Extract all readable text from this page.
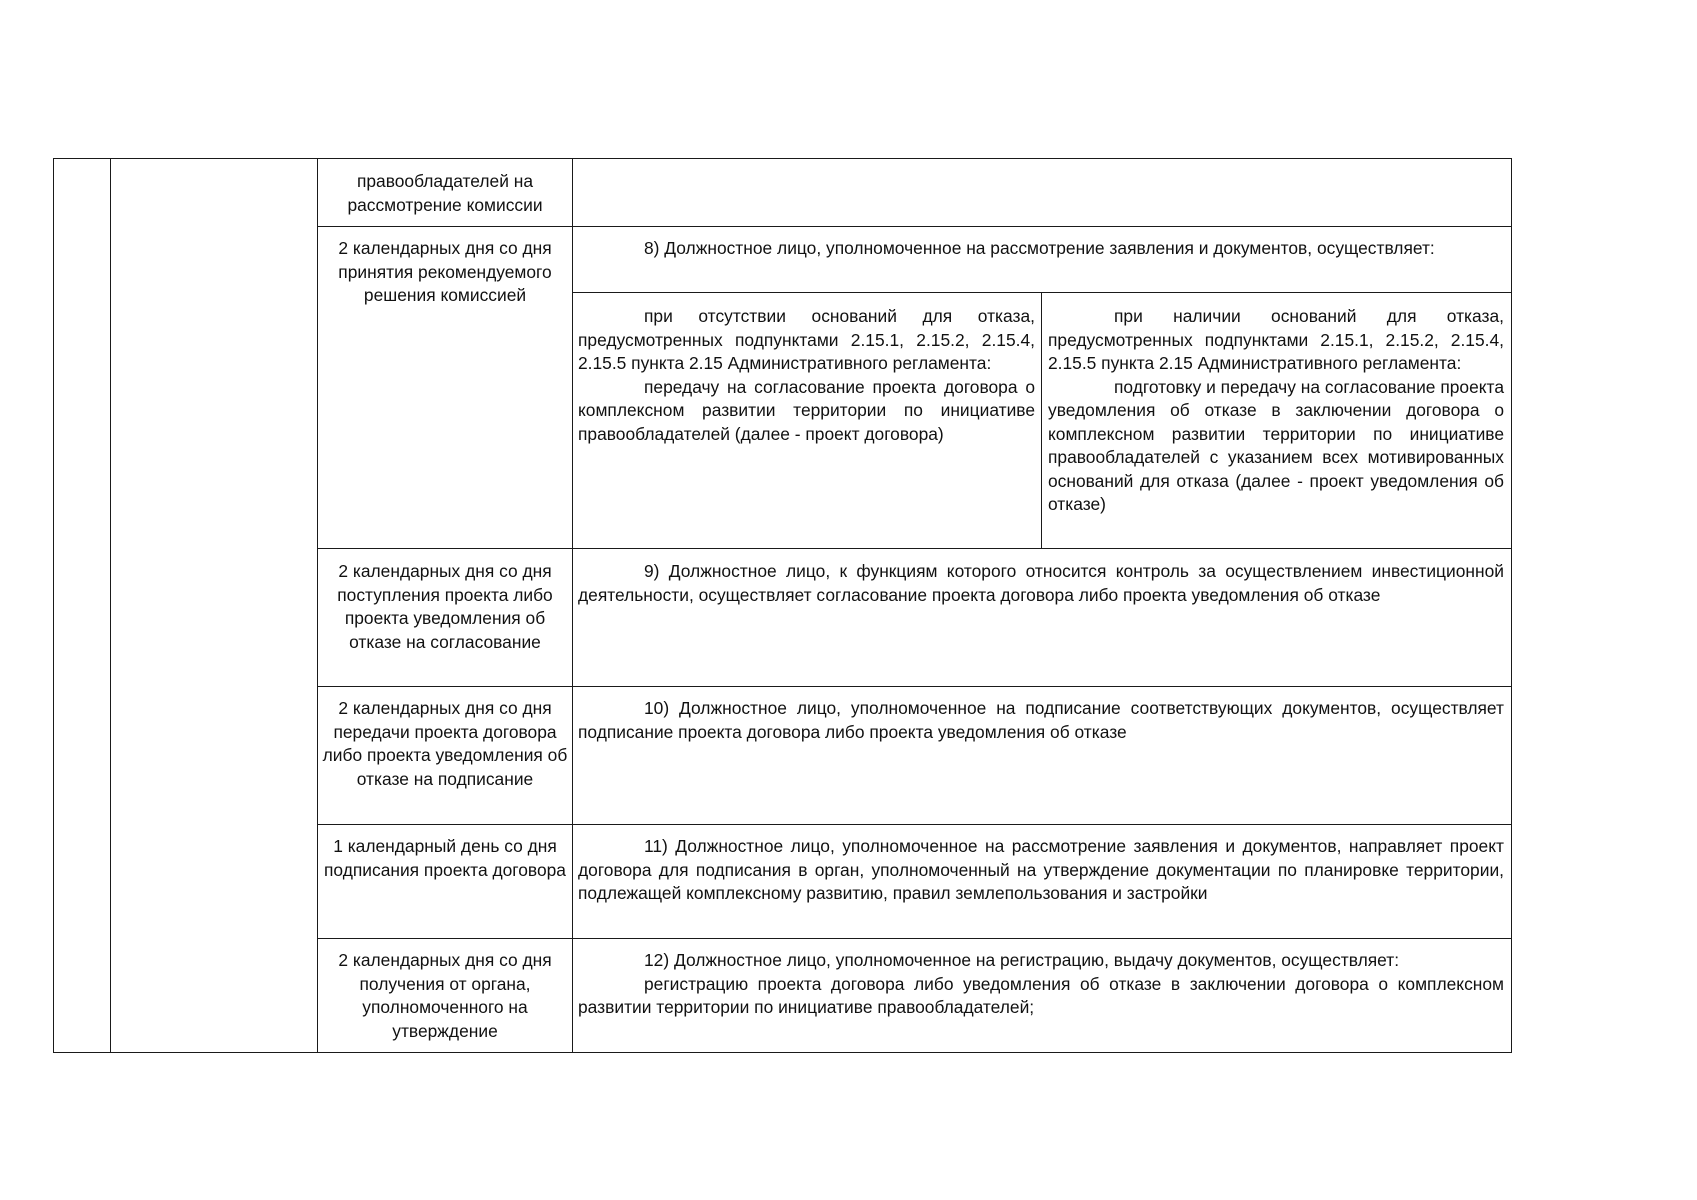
правообладателей на рассмотрение комиссии

2 календарных дня со дня принятия рекомендуемого решения комиссией

8) Должностное лицо, уполномоченное на рассмотрение заявления и документов, осуществляет:

при отсутствии оснований для отказа, предусмотренных подпунктами 2.15.1, 2.15.2, 2.15.4, 2.15.5 пункта 2.15 Административного регламента:

передачу на согласование проекта договора о комплексном развитии территории по инициативе правообладателей (далее - проект договора)

при наличии оснований для отказа, предусмотренных подпунктами 2.15.1, 2.15.2, 2.15.4, 2.15.5 пункта 2.15 Административного регламента:

подготовку и передачу на согласование проекта уведомления об отказе в заключении договора о комплексном развитии территории по инициативе правообладателей с указанием всех мотивированных оснований для отказа (далее - проект уведомления об отказе)

2 календарных дня со дня поступления проекта либо проекта уведомления об отказе на согласование

9) Должностное лицо, к функциям которого относится контроль за осуществлением инвестиционной деятельности, осуществляет согласование проекта договора либо проекта уведомления об отказе

2 календарных дня со дня передачи проекта договора либо проекта уведомления об отказе на подписание

10) Должностное лицо, уполномоченное на подписание соответствующих документов, осуществляет подписание проекта договора либо проекта уведомления об отказе

1 календарный день со дня подписания проекта договора

11) Должностное лицо, уполномоченное на рассмотрение заявления и документов, направляет проект договора для подписания в орган, уполномоченный на утверждение документации по планировке территории, подлежащей комплексному развитию, правил землепользования и застройки

2 календарных дня со дня получения от органа, уполномоченного на утверждение

12) Должностное лицо, уполномоченное на регистрацию, выдачу документов, осуществляет:

регистрацию проекта договора либо уведомления об отказе в заключении договора о комплексном развитии территории по инициативе правообладателей;
